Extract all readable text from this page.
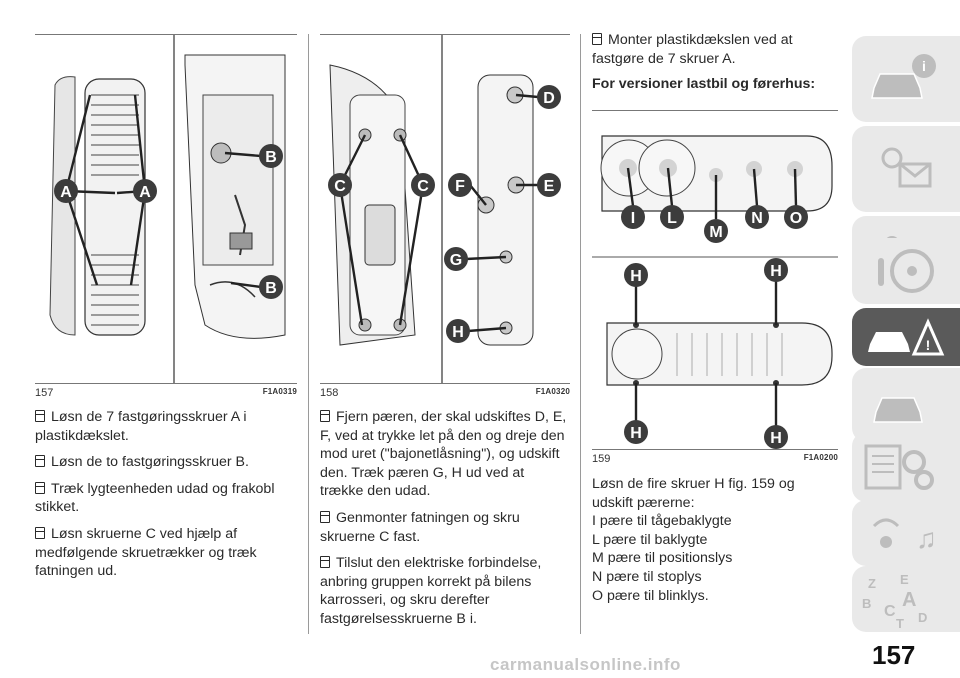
A	A
B
B
157	F1A0319

Løsn de 7 fastgøringsskruer A i plastikdækslet.

Løsn de to fastgøringsskruer B.

Træk lygteenheden udad og frakobl stikket.

Løsn skruerne C ved hjælp af medfølgende skruetrækker og træk fatningen ud.

C	C
D
E
F
G
H
158	F1A0320

Fjern pæren, der skal udskiftes D, E, F, ved at trykke let på den og dreje den mod uret ("bajonetlåsning"), og udskift den. Træk pæren G, H ud ved at trække den udad.

Genmonter fatningen og skru skruerne C fast.

Tilslut den elektriske forbindelse, anbring gruppen korrekt på bilens karrosseri, og skru derefter fastgørelsesskruerne B i.

Monter plastikdækslen ved at fastgøre de 7 skruer A.

For versioner lastbil og førerhus:

I L
M
N O
H	H
H	H
159	F1A0200
Løsn de fire skruer H fig. 159 og udskift pærerne:
I pære til tågebaklygte
L pære til baklygte
M pære til positionslys
N pære til stoplys
O pære til blinklys.
i
!
♫
Z E
B C
A
D
T
157
carmanualsonline.info
